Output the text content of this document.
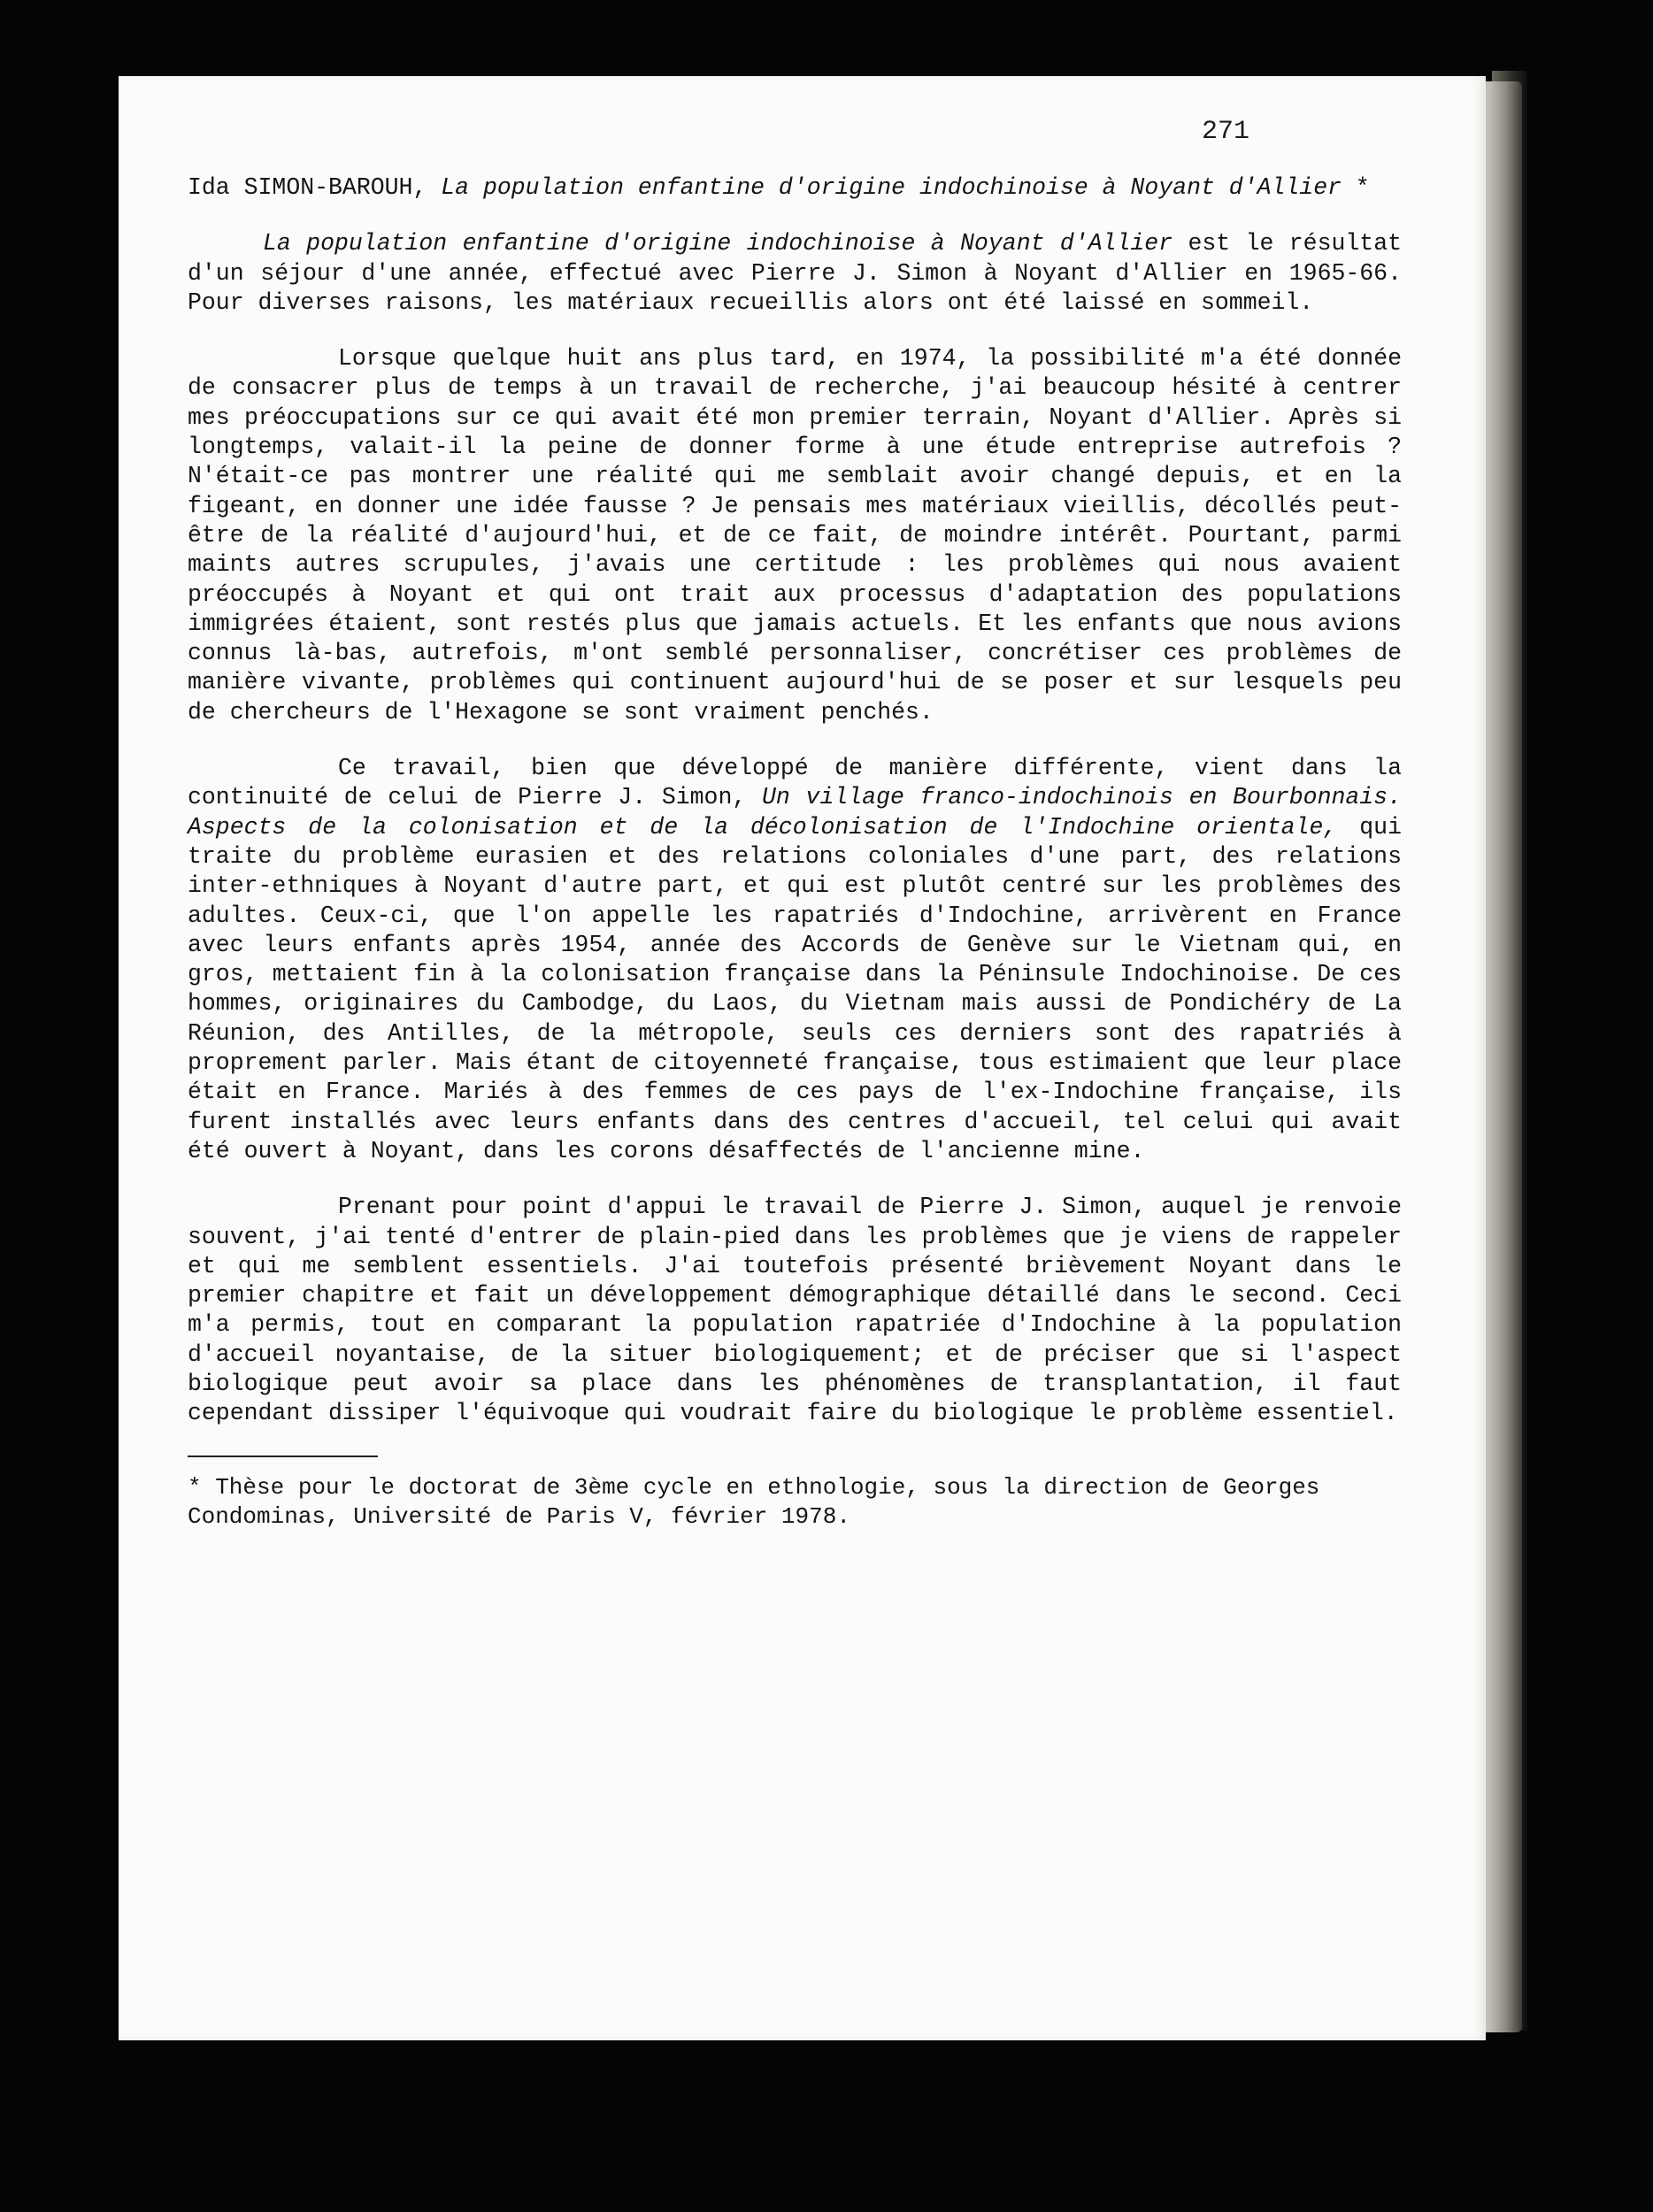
271

Ida SIMON-BAROUH, La population enfantine d'origine indochinoise à Noyant d'Allier *

La population enfantine d'origine indochinoise à Noyant d'Allier est le résultat d'un séjour d'une année, effectué avec Pierre J. Simon à Noyant d'Allier en 1965-66. Pour diverses raisons, les matériaux recueillis alors ont été laissé en sommeil.

Lorsque quelque huit ans plus tard, en 1974, la possibilité m'a été donnée de consacrer plus de temps à un travail de recherche, j'ai beaucoup hésité à centrer mes préoccupations sur ce qui avait été mon premier terrain, Noyant d'Allier. Après si longtemps, valait-il la peine de donner forme à une étude entreprise autrefois ? N'était-ce pas montrer une réalité qui me semblait avoir changé depuis, et en la figeant, en donner une idée fausse ? Je pensais mes matériaux vieillis, décollés peut-être de la réalité d'aujourd'hui, et de ce fait, de moindre intérêt. Pourtant, parmi maints autres scrupules, j'avais une certitude : les problèmes qui nous avaient préoccupés à Noyant et qui ont trait aux processus d'adaptation des populations immigrées étaient, sont restés plus que jamais actuels. Et les enfants que nous avions connus là-bas, autrefois, m'ont semblé personnaliser, concrétiser ces problèmes de manière vivante, problèmes qui continuent aujourd'hui de se poser et sur lesquels peu de chercheurs de l'Hexagone se sont vraiment penchés.

Ce travail, bien que développé de manière différente, vient dans la continuité de celui de Pierre J. Simon, Un village franco-indochinois en Bourbonnais. Aspects de la colonisation et de la décolonisation de l'Indochine orientale, qui traite du problème eurasien et des relations coloniales d'une part, des relations inter-ethniques à Noyant d'autre part, et qui est plutôt centré sur les problèmes des adultes. Ceux-ci, que l'on appelle les rapatriés d'Indochine, arrivèrent en France avec leurs enfants après 1954, année des Accords de Genève sur le Vietnam qui, en gros, mettaient fin à la colonisation française dans la Péninsule Indochinoise. De ces hommes, originaires du Cambodge, du Laos, du Vietnam mais aussi de Pondichéry de La Réunion, des Antilles, de la métropole, seuls ces derniers sont des rapatriés à proprement parler. Mais étant de citoyenneté française, tous estimaient que leur place était en France. Mariés à des femmes de ces pays de l'ex-Indochine française, ils furent installés avec leurs enfants dans des centres d'accueil, tel celui qui avait été ouvert à Noyant, dans les corons désaffectés de l'ancienne mine.

Prenant pour point d'appui le travail de Pierre J. Simon, auquel je renvoie souvent, j'ai tenté d'entrer de plain-pied dans les problèmes que je viens de rappeler et qui me semblent essentiels. J'ai toutefois présenté brièvement Noyant dans le premier chapitre et fait un développement démographique détaillé dans le second. Ceci m'a permis, tout en comparant la population rapatriée d'Indochine à la population d'accueil noyantaise, de la situer biologiquement; et de préciser que si l'aspect biologique peut avoir sa place dans les phénomènes de transplantation, il faut cependant dissiper l'équivoque qui voudrait faire du biologique le problème essentiel.

* Thèse pour le doctorat de 3ème cycle en ethnologie, sous la direction de Georges Condominas, Université de Paris V, février 1978.
